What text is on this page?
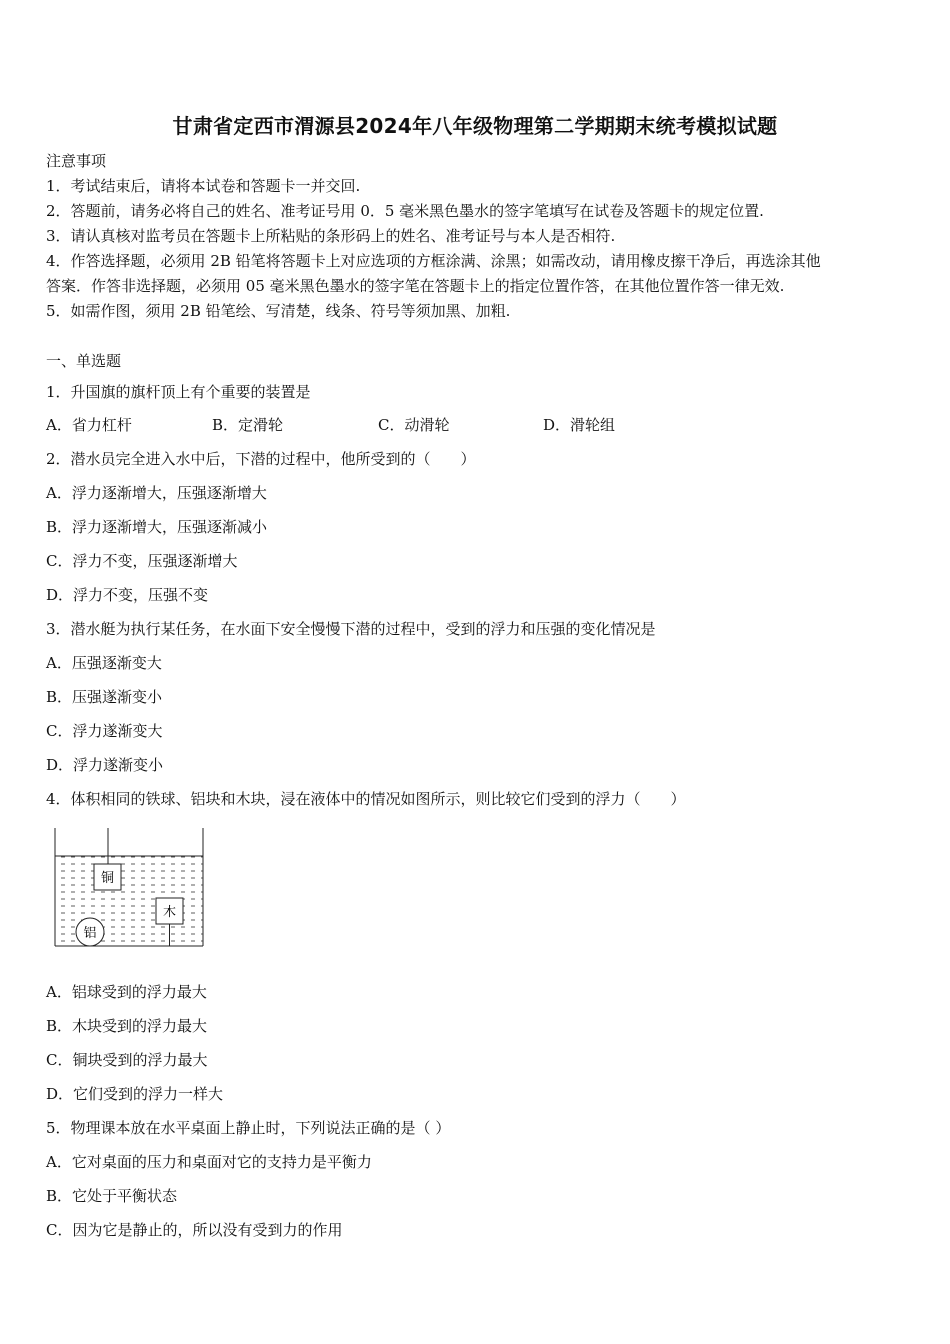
甘肃省定西市渭源县2024年八年级物理第二学期期末统考模拟试题
注意事项
1．考试结束后，请将本试卷和答题卡一并交回.
2．答题前，请务必将自己的姓名、准考证号用 0．5 毫米黑色墨水的签字笔填写在试卷及答题卡的规定位置.
3．请认真核对监考员在答题卡上所粘贴的条形码上的姓名、准考证号与本人是否相符.
4．作答选择题，必须用 2B 铅笔将答题卡上对应选项的方框涂满、涂黑；如需改动，请用橡皮擦干净后，再选涂其他
答案．作答非选择题，必须用 05 毫米黑色墨水的签字笔在答题卡上的指定位置作答，在其他位置作答一律无效.
5．如需作图，须用 2B 铅笔绘、写清楚，线条、符号等须加黑、加粗.
一、单选题
1．升国旗的旗杆顶上有个重要的装置是
A．省力杠杆	B．定滑轮	C．动滑轮	D．滑轮组
2．潜水员完全进入水中后，下潜的过程中，他所受到的（　　）
A．浮力逐渐增大，压强逐渐增大
B．浮力逐渐增大，压强逐渐减小
C．浮力不变，压强逐渐增大
D．浮力不变，压强不变
3．潜水艇为执行某任务，在水面下安全慢慢下潜的过程中，受到的浮力和压强的变化情况是
A．压强逐渐变大
B．压强遂渐变小
C．浮力遂渐变大
D．浮力遂渐变小
4．体积相同的铁球、铝块和木块，浸在液体中的情况如图所示，则比较它们受到的浮力（　　）
铜
木
铝
A．铝球受到的浮力最大
B．木块受到的浮力最大
C．铜块受到的浮力最大
D．它们受到的浮力一样大
5．物理课本放在水平桌面上静止时，下列说法正确的是（ ）
A．它对桌面的压力和桌面对它的支持力是平衡力
B．它处于平衡状态
C．因为它是静止的，所以没有受到力的作用
